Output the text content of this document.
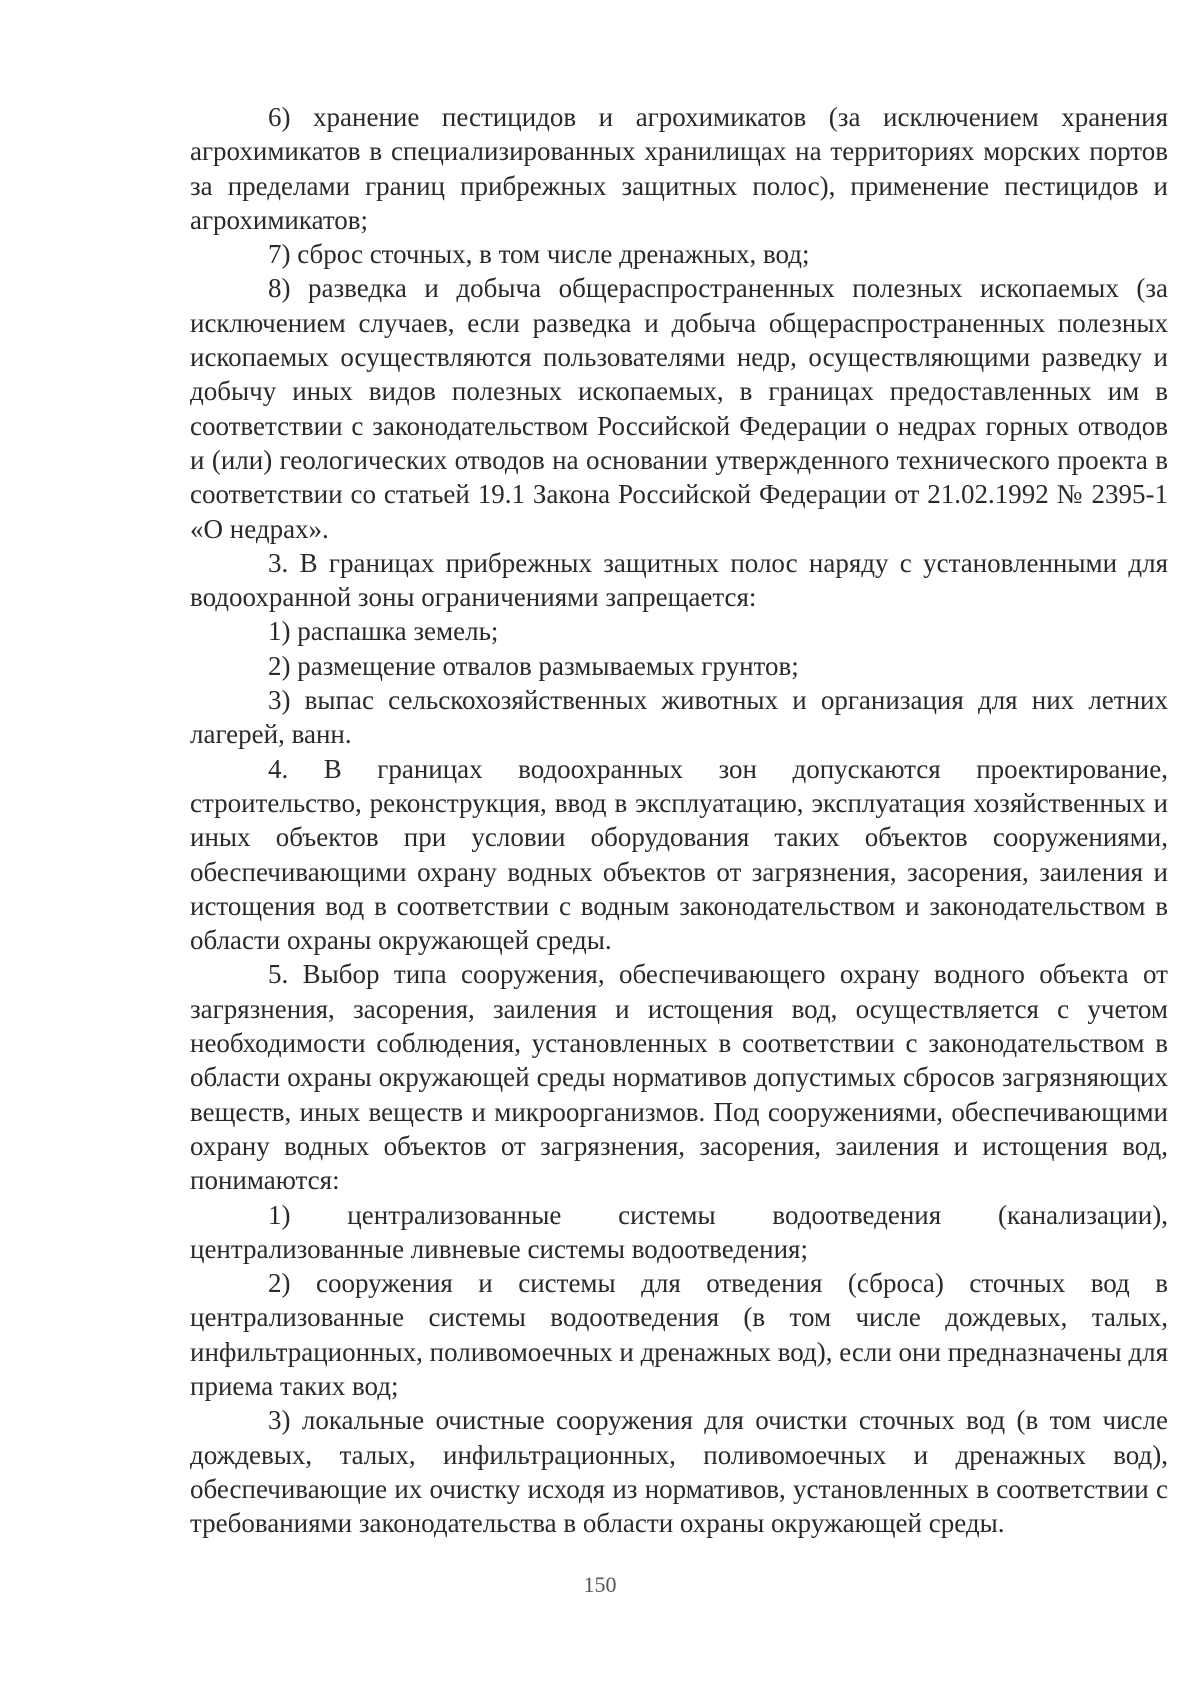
6) хранение пестицидов и агрохимикатов (за исключением хранения агрохимикатов в специализированных хранилищах на территориях морских портов за пределами границ прибрежных защитных полос), применение пестицидов и агрохимикатов;

7) сброс сточных, в том числе дренажных, вод;

8) разведка и добыча общераспространенных полезных ископаемых (за исключением случаев, если разведка и добыча общераспространенных полезных ископаемых осуществляются пользователями недр, осуществляющими разведку и добычу иных видов полезных ископаемых, в границах предоставленных им в соответствии с законодательством Российской Федерации о недрах горных отводов и (или) геологических отводов на основании утвержденного технического проекта в соответствии со статьей 19.1 Закона Российской Федерации от 21.02.1992 № 2395-1 «О недрах».

3. В границах прибрежных защитных полос наряду с установленными для водоохранной зоны ограничениями запрещается:

1) распашка земель;

2) размещение отвалов размываемых грунтов;

3) выпас сельскохозяйственных животных и организация для них летних лагерей, ванн.

4. В границах водоохранных зон допускаются проектирование, строительство, реконструкция, ввод в эксплуатацию, эксплуатация хозяйственных и иных объектов при условии оборудования таких объектов сооружениями, обеспечивающими охрану водных объектов от загрязнения, засорения, заиления и истощения вод в соответствии с водным законодательством и законодательством в области охраны окружающей среды.

5. Выбор типа сооружения, обеспечивающего охрану водного объекта от загрязнения, засорения, заиления и истощения вод, осуществляется с учетом необходимости соблюдения, установленных в соответствии с законодательством в области охраны окружающей среды нормативов допустимых сбросов загрязняющих веществ, иных веществ и микроорганизмов. Под сооружениями, обеспечивающими охрану водных объектов от загрязнения, засорения, заиления и истощения вод, понимаются:

1) централизованные системы водоотведения (канализации), централизованные ливневые системы водоотведения;

2) сооружения и системы для отведения (сброса) сточных вод в централизованные системы водоотведения (в том числе дождевых, талых, инфильтрационных, поливомоечных и дренажных вод), если они предназначены для приема таких вод;

3) локальные очистные сооружения для очистки сточных вод (в том числе дождевых, талых, инфильтрационных, поливомоечных и дренажных вод), обеспечивающие их очистку исходя из нормативов, установленных в соответствии с требованиями законодательства в области охраны окружающей среды.

150
